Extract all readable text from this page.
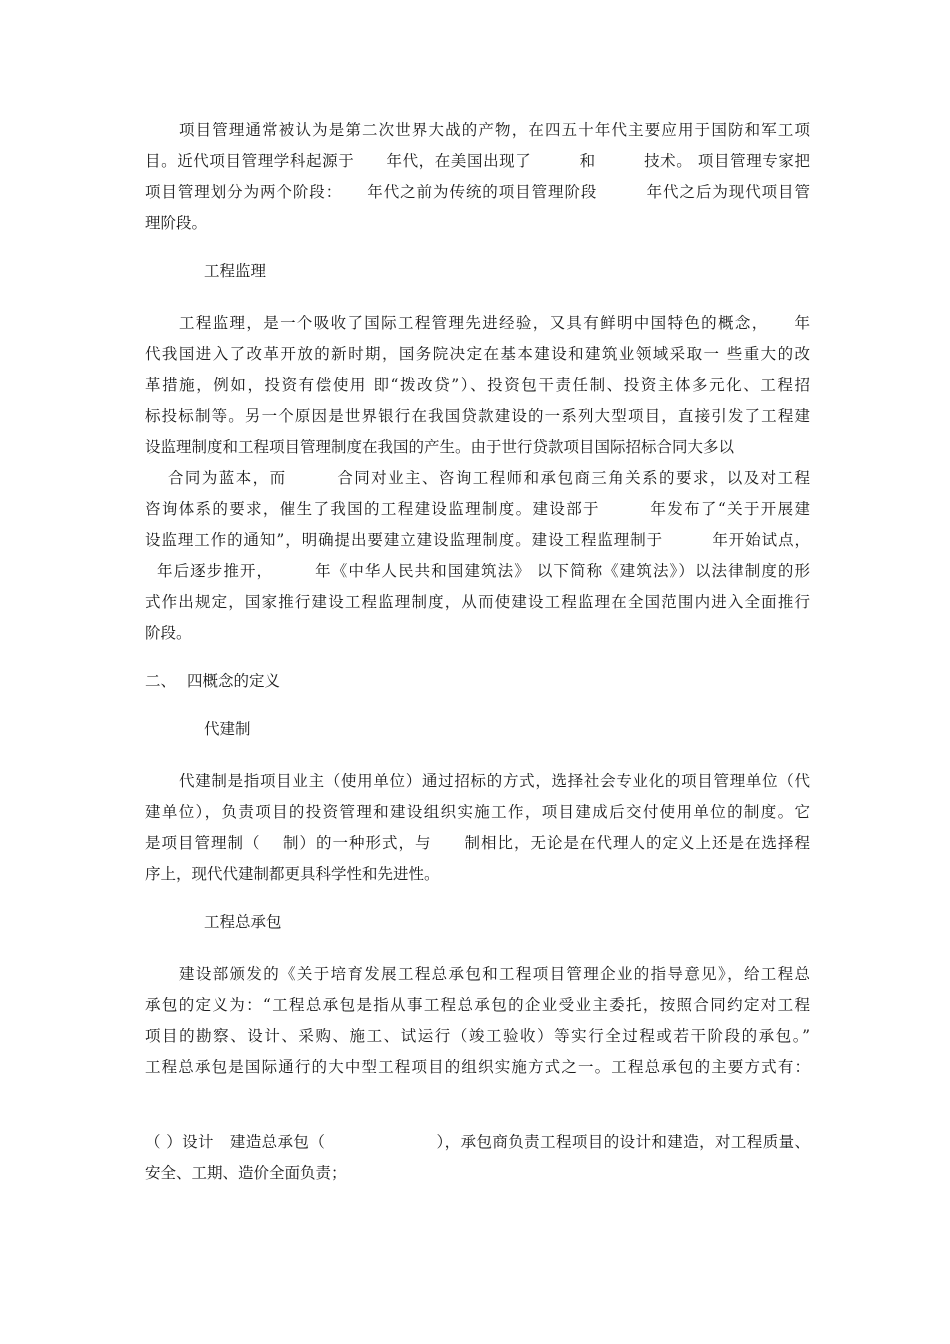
项目管理通常被认为是第二次世界大战的产物，在四五十年代主要应用于国防和军工项
目。近代项目管理学科起源于　　年代，在美国出现了　　　和　　　技术。 项目管理专家把
项目管理划分为两个阶段：　　年代之前为传统的项目管理阶段　　　年代之后为现代项目管
理阶段。
工程监理
工程监理，是一个吸收了国际工程管理先进经验，又具有鲜明中国特色的概念，　　年
代我国进入了改革开放的新时期，国务院决定在基本建设和建筑业领域采取一 些重大的改
革措施，例如，投资有偿使用 即“拨改贷”）、投资包干责任制、投资主体多元化、工程招
标投标制等。另一个原因是世界银行在我国贷款建设的一系列大型项目，直接引发了工程建
设监理制度和工程项目管理制度在我国的产生。由于世行贷款项目国际招标合同大多以
合同为蓝本，而　　　合同对业主、咨询工程师和承包商三角关系的要求，以及对工程
咨询体系的要求，催生了我国的工程建设监理制度。建设部于　　　年发布了“关于开展建
设监理工作的通知”，明确提出要建立建设监理制度。建设工程监理制于　　　年开始试点，
年后逐步推开，　　　年《中华人民共和国建筑法》 以下简称《建筑法》）以法律制度的形
式作出规定，国家推行建设工程监理制度，从而使建设工程监理在全国范围内进入全面推行
阶段。
二、 四概念的定义
代建制
代建制是指项目业主（使用单位）通过招标的方式，选择社会专业化的项目管理单位（代
建单位），负责项目的投资管理和建设组织实施工作，项目建成后交付使用单位的制度。它
是项目管理制（　 制）的一种形式，与　　制相比，无论是在代理人的定义上还是在选择程
序上，现代代建制都更具科学性和先进性。
工程总承包
建设部颁发的《关于培育发展工程总承包和工程项目管理企业的指导意见》，给工程总
承包的定义为：“工程总承包是指从事工程总承包的企业受业主委托，按照合同约定对工程
项目的勘察、设计、采购、施工、试运行（竣工验收）等实行全过程或若干阶段的承包。”
工程总承包是国际通行的大中型工程项目的组织实施方式之一。工程总承包的主要方式有：
（ ）设计　建造总承包（　　　　　　　），承包商负责工程项目的设计和建造，对工程质量、
安全、工期、造价全面负责；
